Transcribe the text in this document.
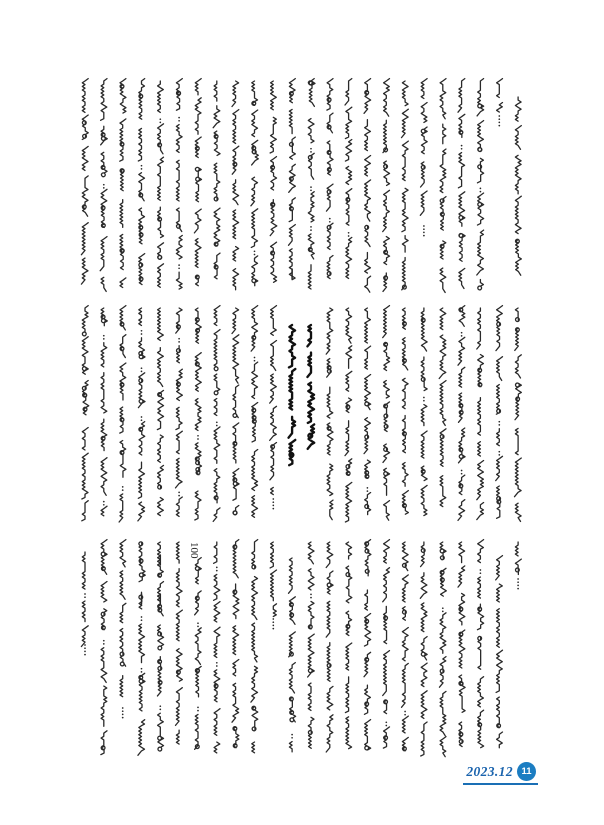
100
2023.12 11
